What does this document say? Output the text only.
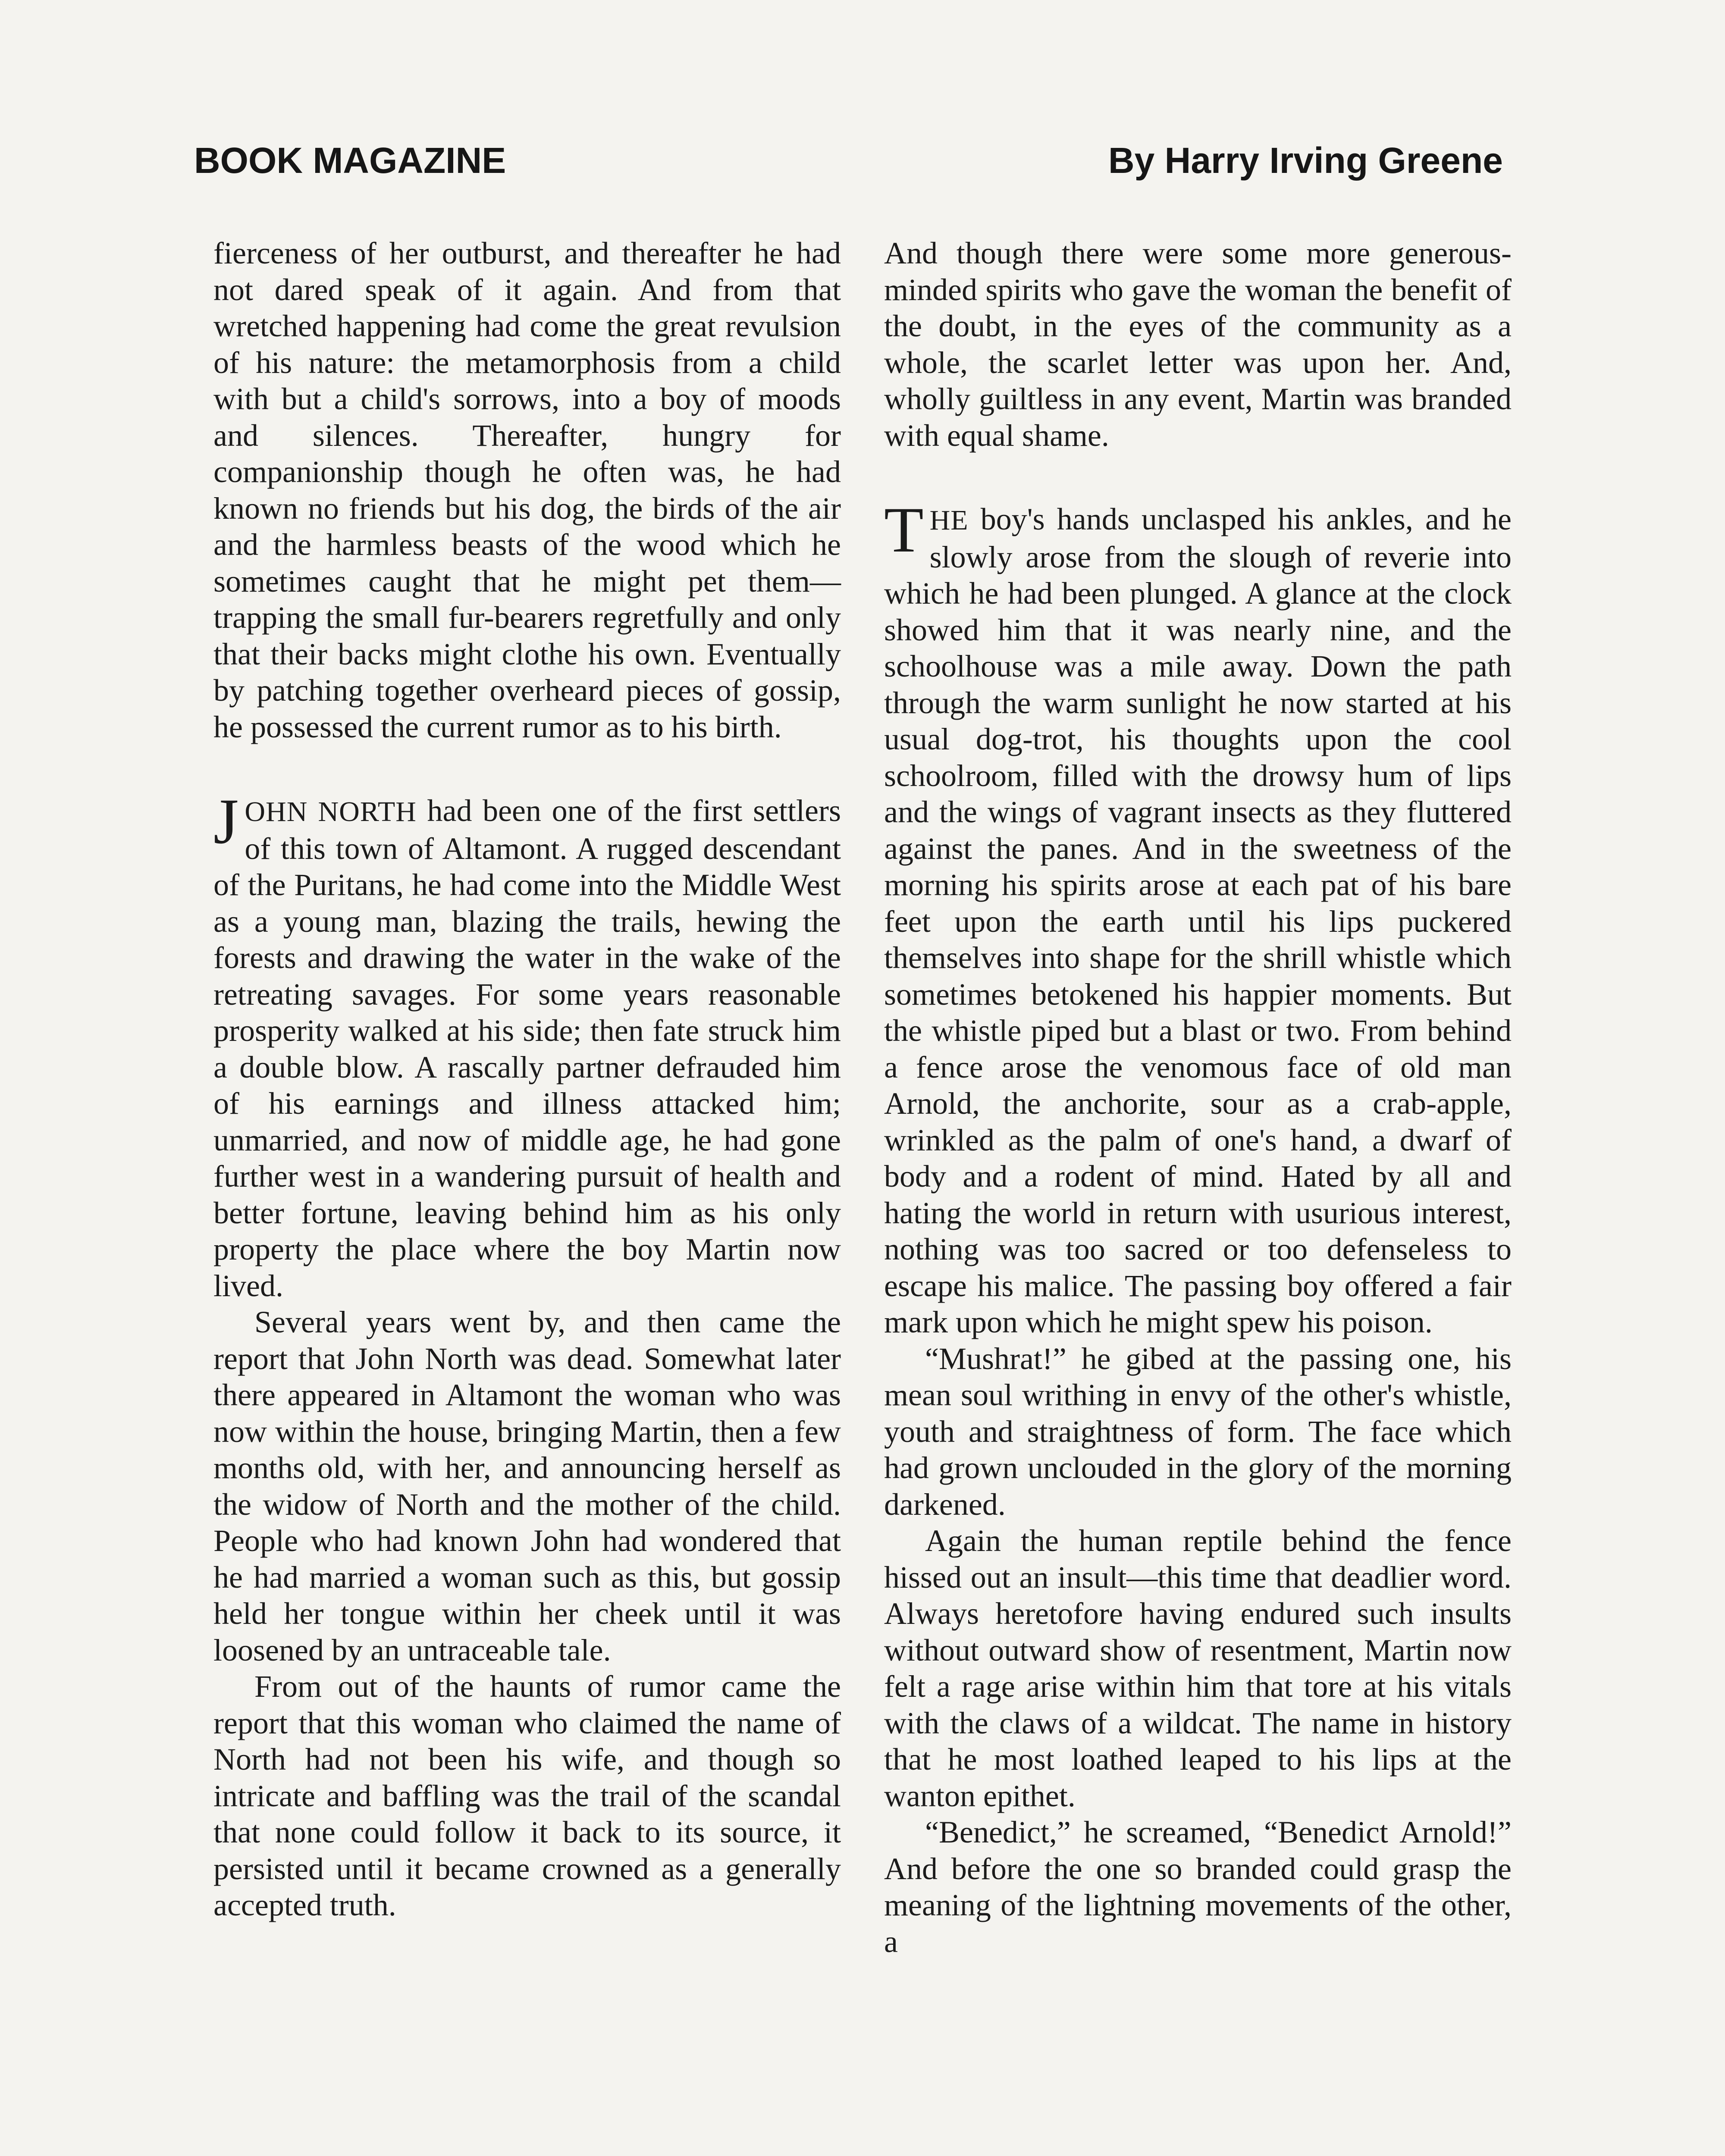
BOOK MAGAZINE	By Harry Irving Greene

fierceness of her outburst, and thereafter he had not dared speak of it again. And from that wretched happening had come the great revulsion of his nature: the metamorphosis from a child with but a child's sorrows, into a boy of moods and silences. Thereafter, hungry for companionship though he often was, he had known no friends but his dog, the birds of the air and the harmless beasts of the wood which he sometimes caught that he might pet them—trapping the small fur-bearers regretfully and only that their backs might clothe his own. Eventually by patching together overheard pieces of gossip, he possessed the current rumor as to his birth.

JOHN NORTH had been one of the first settlers of this town of Altamont. A rugged descendant of the Puritans, he had come into the Middle West as a young man, blazing the trails, hewing the forests and drawing the water in the wake of the retreating savages. For some years reasonable prosperity walked at his side; then fate struck him a double blow. A rascally partner defrauded him of his earnings and illness attacked him; unmarried, and now of middle age, he had gone further west in a wandering pursuit of health and better fortune, leaving behind him as his only property the place where the boy Martin now lived.

Several years went by, and then came the report that John North was dead. Somewhat later there appeared in Altamont the woman who was now within the house, bringing Martin, then a few months old, with her, and announcing herself as the widow of North and the mother of the child. People who had known John had wondered that he had married a woman such as this, but gossip held her tongue within her cheek until it was loosened by an untraceable tale.

From out of the haunts of rumor came the report that this woman who claimed the name of North had not been his wife, and though so intricate and baffling was the trail of the scandal that none could follow it back to its source, it persisted until it became crowned as a generally accepted truth.

And though there were some more generous-minded spirits who gave the woman the benefit of the doubt, in the eyes of the community as a whole, the scarlet letter was upon her. And, wholly guiltless in any event, Martin was branded with equal shame.

THE boy's hands unclasped his ankles, and he slowly arose from the slough of reverie into which he had been plunged. A glance at the clock showed him that it was nearly nine, and the schoolhouse was a mile away. Down the path through the warm sunlight he now started at his usual dog-trot, his thoughts upon the cool schoolroom, filled with the drowsy hum of lips and the wings of vagrant insects as they fluttered against the panes. And in the sweetness of the morning his spirits arose at each pat of his bare feet upon the earth until his lips puckered themselves into shape for the shrill whistle which sometimes betokened his happier moments. But the whistle piped but a blast or two. From behind a fence arose the venomous face of old man Arnold, the anchorite, sour as a crab-apple, wrinkled as the palm of one's hand, a dwarf of body and a rodent of mind. Hated by all and hating the world in return with usurious interest, nothing was too sacred or too defenseless to escape his malice. The passing boy offered a fair mark upon which he might spew his poison.

“Mushrat!” he gibed at the passing one, his mean soul writhing in envy of the other's whistle, youth and straightness of form. The face which had grown unclouded in the glory of the morning darkened.

Again the human reptile behind the fence hissed out an insult—this time that deadlier word. Always heretofore having endured such insults without outward show of resentment, Martin now felt a rage arise within him that tore at his vitals with the claws of a wildcat. The name in history that he most loathed leaped to his lips at the wanton epithet.

“Benedict,” he screamed, “Benedict Arnold!” And before the one so branded could grasp the meaning of the lightning movements of the other, a
